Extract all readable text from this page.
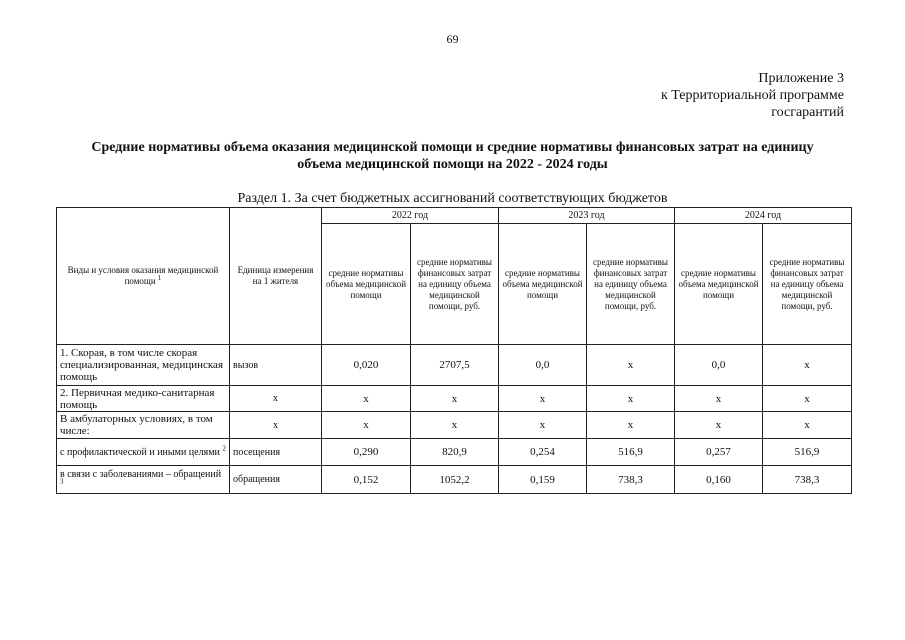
69
Приложение 3
к Территориальной программе
госгарантий
Средние нормативы объема оказания медицинской помощи и средние нормативы финансовых затрат на единицу
объема медицинской помощи на 2022 - 2024 годы
Раздел 1. За счет бюджетных ассигнований соответствующих бюджетов
Виды и условия оказания медицинской помощи $^1$	Единица измерения на 1 жителя	2022 год		2023 год		2024 год	
		средние нормативы объема медицинской помощи	средние нормативы финансовых затрат на единицу объема медицинской помощи, руб.	средние нормативы объема медицинской помощи	средние нормативы финансовых затрат на единицу объема медицинской помощи, руб.	средние нормативы объема медицинской помощи	средние нормативы финансовых затрат на единицу объема медицинской помощи, руб.
1. Скорая, в том числе скорая специализированная, медицинская помощь	вызов	0,020	2707,5	0,0	х	0,0	х
2. Первичная медико-санитарная помощь	х	х	х	х	х	х	х
В амбулаторных условиях, в том числе:	х	х	х	х	х	х	х
с профилактической и иными целями $^2$	посещения	0,290	820,9	0,254	516,9	0,257	516,9
в связи с заболеваниями – обращений $^3$	обращения	0,152	1052,2	0,159	738,3	0,160	738,3
